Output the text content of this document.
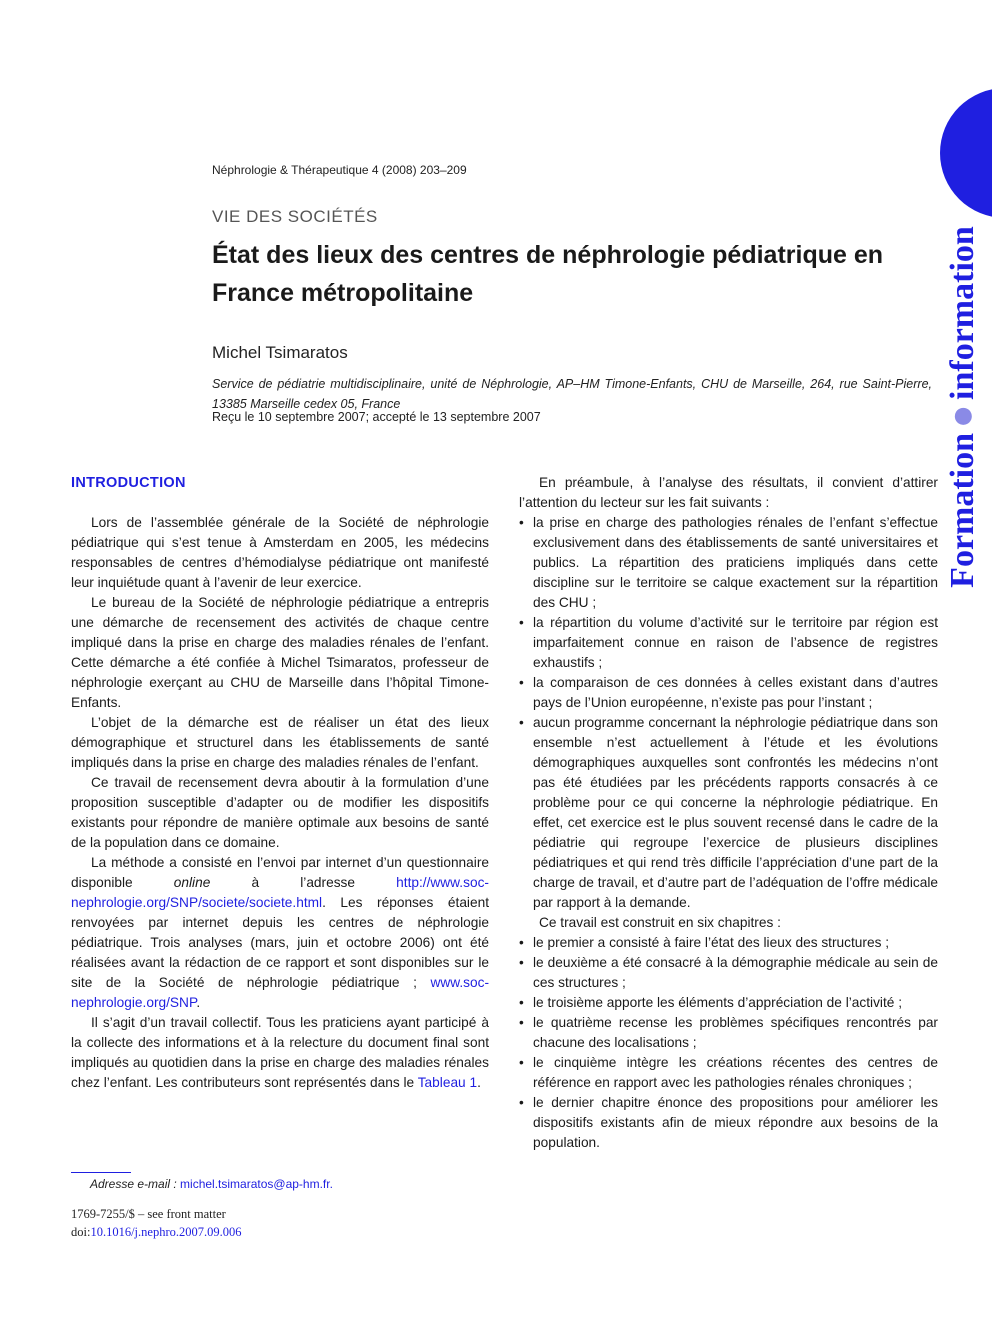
Formation
information
Néphrologie & Thérapeutique 4 (2008) 203–209
VIE DES SOCIÉTÉS
État des lieux des centres de néphrologie pédiatrique en France métropolitaine
Michel Tsimaratos
Service de pédiatrie multidisciplinaire, unité de Néphrologie, AP–HM Timone-Enfants, CHU de Marseille, 264, rue Saint-Pierre, 13385 Marseille cedex 05, France
Reçu le 10 septembre 2007; accepté le 13 septembre 2007
INTRODUCTION

Lors de l’assemblée générale de la Société de néphrologie pédiatrique qui s’est tenue à Amsterdam en 2005, les médecins responsables de centres d’hémodialyse pédiatrique ont manifesté leur inquiétude quant à l’avenir de leur exercice.

Le bureau de la Société de néphrologie pédiatrique a entrepris une démarche de recensement des activités de chaque centre impliqué dans la prise en charge des maladies rénales de l’enfant. Cette démarche a été confiée à Michel Tsimaratos, professeur de néphrologie exerçant au CHU de Marseille dans l’hôpital Timone-Enfants.

L’objet de la démarche est de réaliser un état des lieux démographique et structurel dans les établissements de santé impliqués dans la prise en charge des maladies rénales de l’enfant.

Ce travail de recensement devra aboutir à la formulation d’une proposition susceptible d’adapter ou de modifier les dispositifs existants pour répondre de manière optimale aux besoins de santé de la population dans ce domaine.

La méthode a consisté en l’envoi par internet d’un questionnaire disponible online à l’adresse http://www.soc-nephrologie.org/SNP/societe/societe.html. Les réponses étaient renvoyées par internet depuis les centres de néphrologie pédiatrique. Trois analyses (mars, juin et octobre 2006) ont été réalisées avant la rédaction de ce rapport et sont disponibles sur le site de la Société de néphrologie pédiatrique ; www.soc-nephrologie.org/SNP.

Il s’agit d’un travail collectif. Tous les praticiens ayant participé à la collecte des informations et à la relecture du document final sont impliqués au quotidien dans la prise en charge des maladies rénales chez l’enfant. Les contributeurs sont représentés dans le Tableau 1.

En préambule, à l’analyse des résultats, il convient d’attirer l’attention du lecteur sur les fait suivants :

• la prise en charge des pathologies rénales de l’enfant s’effectue exclusivement dans des établissements de santé universitaires et publics. La répartition des praticiens impliqués dans cette discipline sur le territoire se calque exactement sur la répartition des CHU ;
• la répartition du volume d’activité sur le territoire par région est imparfaitement connue en raison de l’absence de registres exhaustifs ;
• la comparaison de ces données à celles existant dans d’autres pays de l’Union européenne, n’existe pas pour l’instant ;
• aucun programme concernant la néphrologie pédiatrique dans son ensemble n’est actuellement à l’étude et les évolutions démographiques auxquelles sont confrontés les médecins n’ont pas été étudiées par les précédents rapports consacrés à ce problème pour ce qui concerne la néphrologie pédiatrique. En effet, cet exercice est le plus souvent recensé dans le cadre de la pédiatrie qui regroupe l’exercice de plusieurs disciplines pédiatriques et qui rend très difficile l’appréciation d’une part de la charge de travail, et d’autre part de l’adéquation de l’offre médicale par rapport à la demande.

Ce travail est construit en six chapitres :

• le premier a consisté à faire l’état des lieux des structures ;
• le deuxième a été consacré à la démographie médicale au sein de ces structures ;
• le troisième apporte les éléments d’appréciation de l’activité ;
• le quatrième recense les problèmes spécifiques rencontrés par chacune des localisations ;
• le cinquième intègre les créations récentes des centres de référence en rapport avec les pathologies rénales chroniques ;
• le dernier chapitre énonce des propositions pour améliorer les dispositifs existants afin de mieux répondre aux besoins de la population.
Adresse e-mail : michel.tsimaratos@ap-hm.fr.
1769-7255/$ – see front matter
doi:10.1016/j.nephro.2007.09.006
